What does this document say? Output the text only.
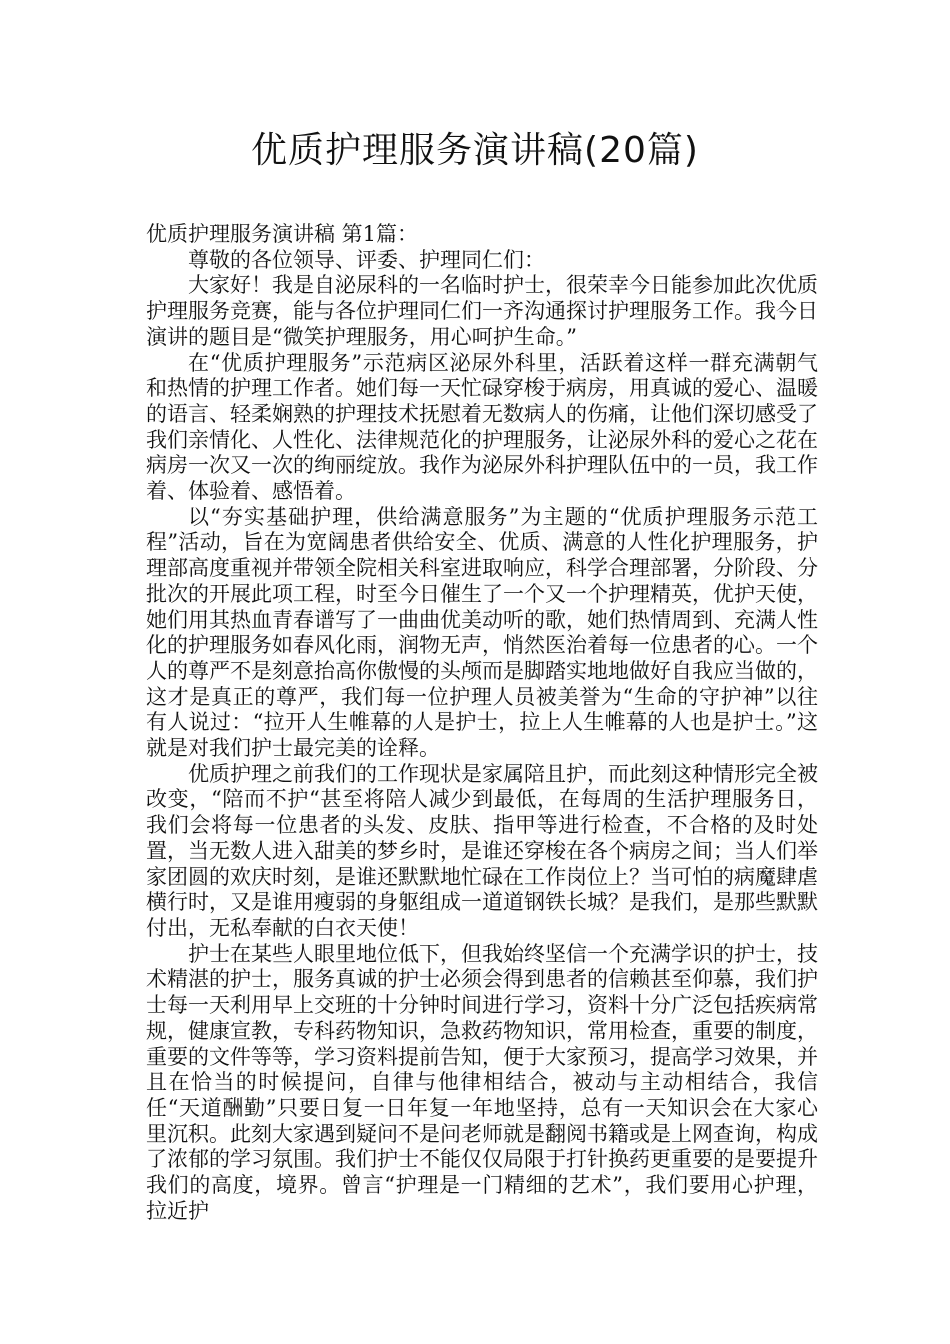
优质护理服务演讲稿(20篇)

优质护理服务演讲稿 第1篇：

尊敬的各位领导、评委、护理同仁们：

大家好！我是自泌尿科的一名临时护士，很荣幸今日能参加此次优质护理服务竞赛，能与各位护理同仁们一齐沟通探讨护理服务工作。我今日演讲的题目是“微笑护理服务，用心呵护生命。”

在“优质护理服务”示范病区泌尿外科里，活跃着这样一群充满朝气和热情的护理工作者。她们每一天忙碌穿梭于病房，用真诚的爱心、温暖的语言、轻柔娴熟的护理技术抚慰着无数病人的伤痛，让他们深切感受了我们亲情化、人性化、法律规范化的护理服务，让泌尿外科的爱心之花在病房一次又一次的绚丽绽放。我作为泌尿外科护理队伍中的一员，我工作着、体验着、感悟着。

以“夯实基础护理，供给满意服务”为主题的“优质护理服务示范工程”活动，旨在为宽阔患者供给安全、优质、满意的人性化护理服务，护理部高度重视并带领全院相关科室进取响应，科学合理部署，分阶段、分批次的开展此项工程，时至今日催生了一个又一个护理精英，优护天使，她们用其热血青春谱写了一曲曲优美动听的歌，她们热情周到、充满人性化的护理服务如春风化雨，润物无声，悄然医治着每一位患者的心。一个人的尊严不是刻意抬高你傲慢的头颅而是脚踏实地地做好自我应当做的，这才是真正的尊严，我们每一位护理人员被美誉为“生命的守护神”以往有人说过：“拉开人生帷幕的人是护士，拉上人生帷幕的人也是护士。”这就是对我们护士最完美的诠释。

优质护理之前我们的工作现状是家属陪且护，而此刻这种情形完全被改变，“陪而不护“甚至将陪人减少到最低，在每周的生活护理服务日，我们会将每一位患者的头发、皮肤、指甲等进行检查，不合格的及时处置，当无数人进入甜美的梦乡时，是谁还穿梭在各个病房之间；当人们举家团圆的欢庆时刻，是谁还默默地忙碌在工作岗位上？当可怕的病魔肆虐横行时，又是谁用瘦弱的身躯组成一道道钢铁长城？是我们，是那些默默付出，无私奉献的白衣天使！

护士在某些人眼里地位低下，但我始终坚信一个充满学识的护士，技术精湛的护士，服务真诚的护士必须会得到患者的信赖甚至仰慕，我们护士每一天利用早上交班的十分钟时间进行学习，资料十分广泛包括疾病常规，健康宣教，专科药物知识，急救药物知识，常用检查，重要的制度，重要的文件等等，学习资料提前告知，便于大家预习，提高学习效果，并且在恰当的时候提问，自律与他律相结合，被动与主动相结合，我信任“天道酬勤”只要日复一日年复一年地坚持，总有一天知识会在大家心里沉积。此刻大家遇到疑问不是问老师就是翻阅书籍或是上网查询，构成了浓郁的学习氛围。我们护士不能仅仅局限于打针换药更重要的是要提升我们的高度，境界。曾言“护理是一门精细的艺术”，我们要用心护理，拉近护
